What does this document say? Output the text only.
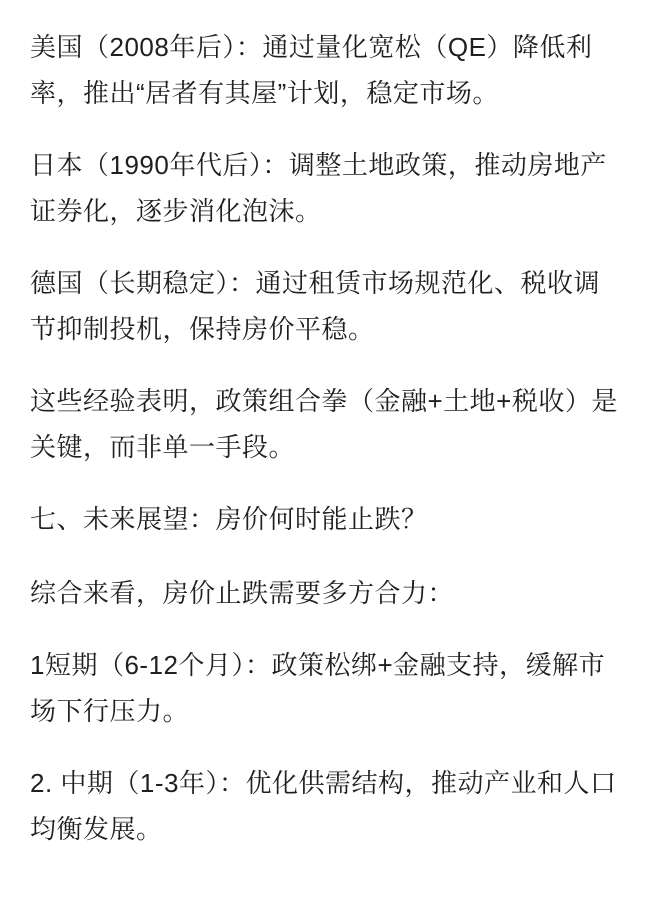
美国（2008年后）：通过量化宽松（QE）降低利率，推出“居者有其屋”计划，稳定市场。

日本（1990年代后）：调整土地政策，推动房地产证券化，逐步消化泡沫。

德国（长期稳定）：通过租赁市场规范化、税收调节抑制投机，保持房价平稳。

这些经验表明，政策组合拳（金融+土地+税收）是关键，而非单一手段。

七、未来展望：房价何时能止跌？

综合来看，房价止跌需要多方合力：

1短期（6-12个月）：政策松绑+金融支持，缓解市场下行压力。

2. 中期（1-3年）：优化供需结构，推动产业和人口均衡发展。
